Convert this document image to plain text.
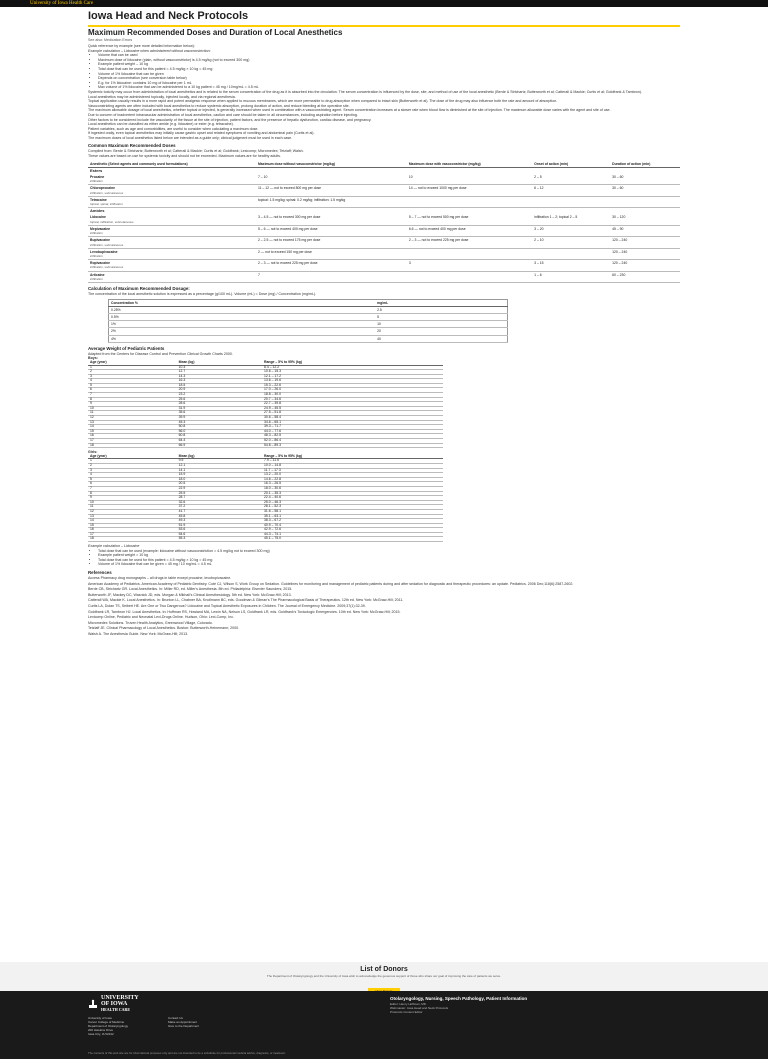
University of Iowa Health Care
Iowa Head and Neck Protocols
Maximum Recommended Doses and Duration of Local Anesthetics
See also: Medication Errors

Quick reference by example (see more detailed information below):

Example calculation – Lidocaine when administered without vasoconstriction:

• Volume that can be used
• Maximum dose of lidocaine (plain, without vasoconstrictor) is 4.5 mg/kg (not to exceed 300 mg)
• Example patient weight – 10 kg
• Total dose that can be used for this patient = 4.5 mg/kg × 10 kg = 45 mg
• Volume of 1% lidocaine that can be given
• Depends on concentration (see conversion table below)
• E.g. for 1% lidocaine: contains 10 mg of lidocaine per 1 mL
• Max volume of 1% lidocaine that can be administered to a 10 kg patient = 45 mg / 10mg/mL = 4.5 mL

Systemic toxicity may occur from administration of local anesthetics and is related to the serum concentration of the drug as it is absorbed into the circulation. The serum concentration is influenced by the dose, site, and method of use of the local anesthetic (Berde & Strichartz; Butterworth et al; Catterall & Mackie; Curtis et al; Goldfrank & Tambron).

Local anesthetics may be administered topically, injected locally, and via regional anesthesia.

Topical application usually results in a more rapid and potent analgesic response when applied to mucous membranes, which are more permeable to drug absorption when compared to intact skin (Butterworth et al). The dose of the drug may also influence both the rate and amount of absorption.

Vasoconstricting agents are often included with local anesthetics to reduce systemic absorption, prolong duration of action, and reduce bleeding at the operative site.

The maximum allowable dosage of local anesthetics, whether topical or injected, is generally increased when used in combination with a vasoconstricting agent. Serum concentration increases at a slower rate when blood flow is diminished at the site of injection. The maximum allowable dose varies with the agent and site of use.

Due to concern of inadvertent intravascular administration of local anesthetics, caution and care should be taken in all circumstances, including aspiration before injecting.

Other factors to be considered include the vascularity of the tissue at the site of injection, patient factors, and the presence of hepatic dysfunction, cardiac disease, and pregnancy.

Local anesthetics can be classified as either amide (e.g. lidocaine) or ester (e.g. tetracaine).

Patient variables, such as age and comorbidities, are useful to consider when calculating a maximum dose.

If ingested orally, even topical anesthetics may initially cause gastric upset and related symptoms of vomiting and abdominal pain (Curtis et al).

The maximum doses of local anesthetics listed below are intended as a guide only; clinical judgment must be used in each case.

Common Maximum Recommended Doses

Compiled from: Berde & Strichartz; Butterworth et al; Catterall & Mackie; Curtis et al; Goldfrank; Lexicomp; Micromedex; Tetzlaff; Walsh.

These values are based on use for systemic toxicity and should not be exceeded. Maximum values are for healthy adults.

Anesthetic (Select agents and commonly used formulations)	Maximum dose without vasoconstrictor (mg/kg)	Maximum dose with vasoconstrictor (mg/kg)	Onset of action (min)	Duration of action (min)
Esters				
Procaine
infiltration	7 – 10	10	2 – 5	30 – 60
Chloroprocaine
infiltration, subcutaneous	11 – 12 — not to exceed 800 mg per dose	14 — not to exceed 1000 mg per dose	6 – 12	30 – 60
Tetracaine
topical, spinal, infiltration	topical: 1.5 mg/kg; spinal: 0.2 mg/kg; infiltration: 1.5 mg/kg			
Amides				
Lidocaine
topical, infiltration, subcutaneous	3 – 4.5 — not to exceed 300 mg per dose	5 – 7 — not to exceed 500 mg per dose	infiltration 1 – 2; topical 2 – 5	30 – 120
Mepivacaine
infiltration	5 – 6 — not to exceed 400 mg per dose	6.6 — not to exceed 400 mg per dose	3 – 20	45 – 90
Bupivacaine
infiltration, subcutaneous	2 – 2.5 — not to exceed 175 mg per dose	2 – 3 — not to exceed 225 mg per dose	2 – 10	120 – 240
Levobupivacaine
infiltration	2 — not to exceed 150 mg per dose			120 – 240
Ropivacaine
infiltration, subcutaneous	2 – 3 — not to exceed 225 mg per dose	3	3 – 15	120 – 240
Articaine
infiltration	7		1 – 6	60 – 230
Calculation of Maximum Recommended Dosage:

The concentration of the local anesthetic solution is expressed as a percentage (g/100 mL). Volume (mL) = Dose (mg) / Concentration (mg/mL).

Concentration %	mg/mL
0.25%	2.5
0.5%	5
1%	10
2%	20
4%	40
Average Weight of Pediatric Patients

Adapted from the Centers for Disease Control and Prevention Clinical Growth Charts 2000.

Boys:

Age (year)	Mean (kg)	Range – 5% to 95% (kg)
1	10.3	8.4 – 12.2
2	12.7	10.6 – 15.3
3	14.3	12.1 – 17.2
4	16.3	13.6 – 19.6
5	18.5	15.3 – 22.6
6	20.9	17.0 – 26.0
7	23.2	18.8 – 30.0
8	25.6	20.7 – 34.6
9	28.6	22.7 – 39.8
10	31.9	24.9 – 45.5
11	35.6	27.5 – 51.8
12	39.9	30.6 – 58.4
13	45.3	34.6 – 65.1
14	50.8	39.3 – 71.7
15	56.0	44.0 – 77.6
16	60.8	48.3 – 82.5
17	64.4	52.0 – 86.4
18	66.9	54.8 – 89.3

Girls:

Age (year)	Mean (kg)	Range – 5% to 95% (kg)
1	9.5	7.9 – 11.5
2	12.1	10.0 – 14.8
3	14.1	11.7 – 17.3
4	15.9	13.2 – 20.0
5	18.0	14.6 – 22.8
6	20.5	16.3 – 26.5
7	22.9	18.0 – 30.6
8	25.5	20.1 – 35.3
9	28.7	22.4 – 40.6
10	32.6	25.0 – 46.3
11	37.2	28.1 – 52.3
12	41.7	31.6 – 58.1
13	45.8	35.1 – 63.1
14	49.3	38.3 – 67.2
15	51.9	40.9 – 70.4
16	53.6	42.9 – 72.6
17	54.6	44.3 – 74.1
18	55.3	45.1 – 75.0

Example calculation – Lidocaine

• Total dose that can be used (example: lidocaine without vasoconstriction = 4.5 mg/kg not to exceed 300 mg)
• Example patient weight = 10 kg
• Total dose that can be used for this patient = 4.5 mg/kg × 10 kg = 45 mg
• Volume of 1% lidocaine that can be given = 45 mg / 10 mg/mL = 4.5 mL
References

Access Pharmacy drug monographs – all drugs in table except procaine, levobupivacaine.

American Academy of Pediatrics. American Academy of Pediatric Dentistry. Coté CJ, Wilson S, Work Group on Sedation. Guidelines for monitoring and management of pediatric patients during and after sedation for diagnostic and therapeutic procedures: an update. Pediatrics. 2006 Dec;118(6):2587-2602.

Berde CB, Strichartz GR. Local Anesthetics. In: Miller RD, ed. Miller's Anesthesia. 8th ed. Philadelphia: Elsevier Saunders; 2015.

Butterworth JF, Mackey DC, Wasnick JD, eds. Morgan & Mikhail's Clinical Anesthesiology. 5th ed. New York: McGraw-Hill; 2013.

Catterall WA, Mackie K. Local Anesthetics. In: Brunton LL, Chabner BA, Knollmann BC, eds. Goodman & Gilman's The Pharmacological Basis of Therapeutics. 12th ed. New York: McGraw-Hill; 2011.

Curtis LA, Dolan TS, Seibert HE. Are One or Two Dangerous? Lidocaine and Topical Anesthetic Exposures in Children. The Journal of Emergency Medicine. 2009;37(1):32-39.

Goldfrank LR, Tambron HJ. Local Anesthetics. In: Hoffman RS, Howland MA, Lewin NA, Nelson LS, Goldfrank LR, eds. Goldfrank's Toxicologic Emergencies. 10th ed. New York: McGraw-Hill; 2015.

Lexicomp Online, Pediatric and Neonatal Lexi-Drugs Online. Hudson, Ohio: Lexi-Comp, Inc.

Micromedex Solutions. Truven Health Analytics, Greenwood Village, Colorado.

Tetzlaff JE. Clinical Pharmacology of Local Anesthetics. Boston: Butterworth-Heinemann; 2000.

Walsh A. The Anesthesia Guide. New York: McGraw-Hill; 2013.

List of Donors
The Department of Otolaryngology and the University of Iowa wish to acknowledge the generous support of those who share our goal of improving the care of patients we serve.
UNIVERSITY
OF IOWA
HEALTH CARE
University of Iowa
Carver College of Medicine
Department of Otolaryngology
200 Hawkins Drive
Iowa City, IA 52242
Contact Us
Make an Appointment
Give to the Department
Otolaryngology, Nursing, Speech Pathology, Patient Information
Editor: Henry Hoffman, MD
Webmaster: Iowa Head and Neck Protocols
Protocols Content Editor
The contents of this web site are for informational purposes only and are not intended to be a substitute for professional medical advice, diagnosis, or treatment.
